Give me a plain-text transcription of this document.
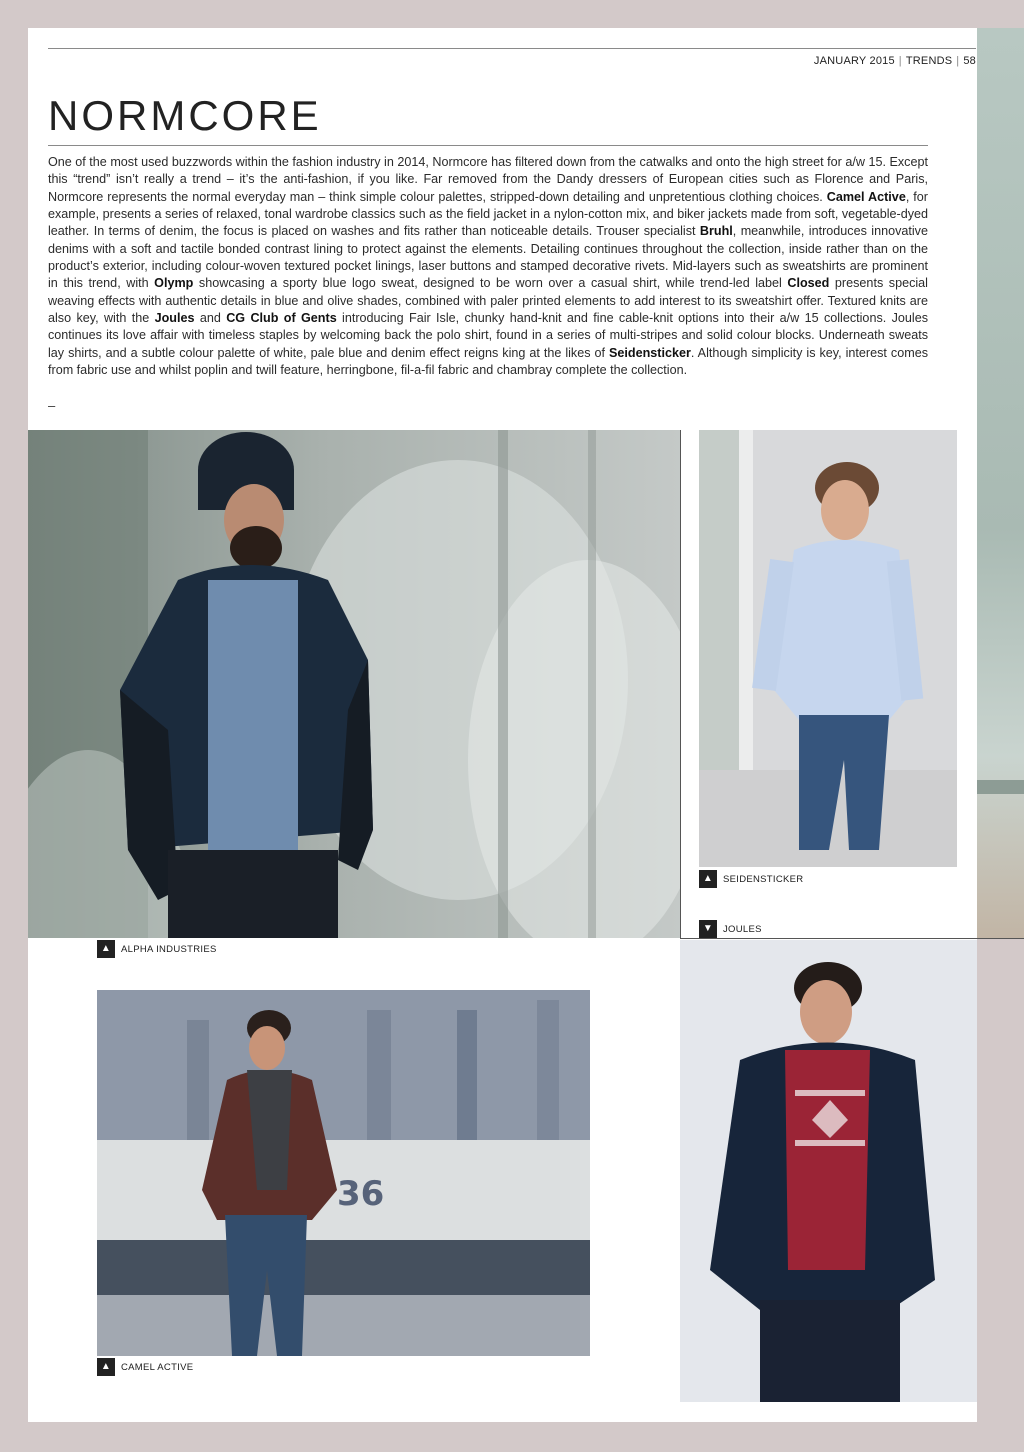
JANUARY 2015 | TRENDS | 58
NORMCORE

One of the most used buzzwords within the fashion industry in 2014, Normcore has filtered down from the catwalks and onto the high street for a/w 15. Except this “trend” isn’t really a trend – it’s the anti-fashion, if you like. Far removed from the Dandy dressers of European cities such as Florence and Paris, Normcore represents the normal everyday man – think simple colour palettes, stripped-down detailing and unpretentious clothing choices. Camel Active, for example, presents a series of relaxed, tonal wardrobe classics such as the field jacket in a nylon-cotton mix, and biker jackets made from soft, vegetable-dyed leather. In terms of denim, the focus is placed on washes and fits rather than noticeable details. Trouser specialist Bruhl, meanwhile, introduces innovative denims with a soft and tactile bonded contrast lining to protect against the elements. Detailing continues throughout the collection, inside rather than on the product’s exterior, including colour-woven textured pocket linings, laser buttons and stamped decorative rivets. Mid-layers such as sweatshirts are prominent in this trend, with Olymp showcasing a sporty blue logo sweat, designed to be worn over a casual shirt, while trend-led label Closed presents special weaving effects with authentic details in blue and olive shades, combined with paler printed elements to add interest to its sweatshirt offer. Textured knits are also key, with the Joules and CG Club of Gents introducing Fair Isle, chunky hand-knit and fine cable-knit options into their a/w 15 collections. Joules continues its love affair with timeless staples by welcoming back the polo shirt, found in a series of multi-stripes and solid colour blocks. Underneath sweats lay shirts, and a subtle colour palette of white, pale blue and denim effect reigns king at the likes of Seidensticker. Although simplicity is key, interest comes from fabric use and whilst poplin and twill feature, herringbone, fil-a-fil fabric and chambray complete the collection.

–
36
▲	ALPHA INDUSTRIES
▲	SEIDENSTICKER
▼	JOULES
▲	CAMEL ACTIVE
